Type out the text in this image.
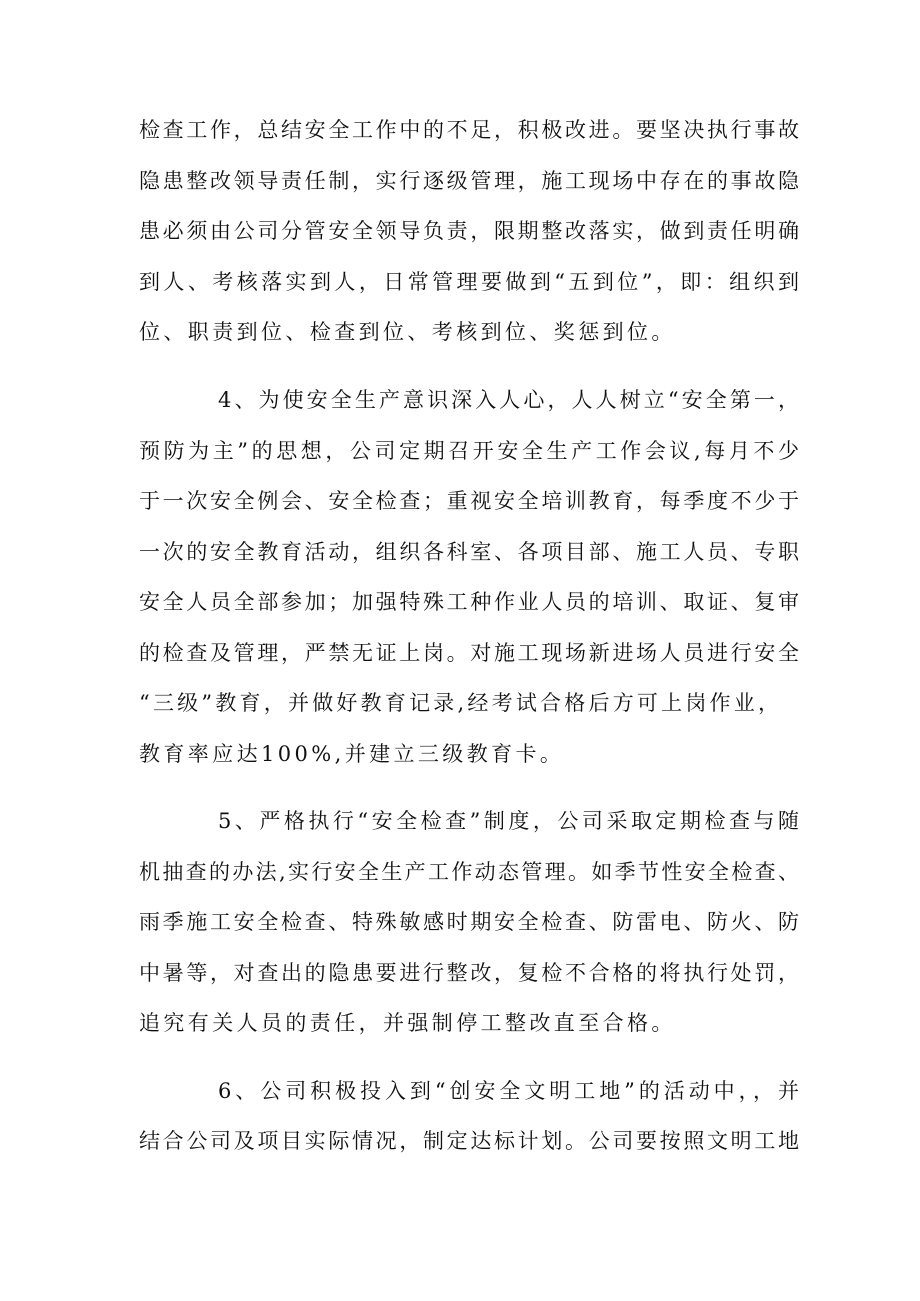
检查工作，总结安全工作中的不足，积极改进。要坚决执行事故
隐患整改领导责任制，实行逐级管理，施工现场中存在的事故隐
患必须由公司分管安全领导负责，限期整改落实，做到责任明确
到人、考核落实到人，日常管理要做到“五到位”，即：组织到
位、职责到位、检查到位、考核到位、奖惩到位。
4、为使安全生产意识深入人心，人人树立“安全第一，
预防为主”的思想，公司定期召开安全生产工作会议,每月不少
于一次安全例会、安全检查；重视安全培训教育，每季度不少于
一次的安全教育活动，组织各科室、各项目部、施工人员、专职
安全人员全部参加；加强特殊工种作业人员的培训、取证、复审
的检查及管理，严禁无证上岗。对施工现场新进场人员进行安全
“三级”教育，并做好教育记录,经考试合格后方可上岗作业，
教育率应达100%,并建立三级教育卡。
5、严格执行“安全检查”制度，公司采取定期检查与随
机抽查的办法,实行安全生产工作动态管理。如季节性安全检查、
雨季施工安全检查、特殊敏感时期安全检查、防雷电、防火、防
中暑等，对查出的隐患要进行整改，复检不合格的将执行处罚，
追究有关人员的责任，并强制停工整改直至合格。
6、公司积极投入到“创安全文明工地”的活动中，，并
结合公司及项目实际情况，制定达标计划。公司要按照文明工地
